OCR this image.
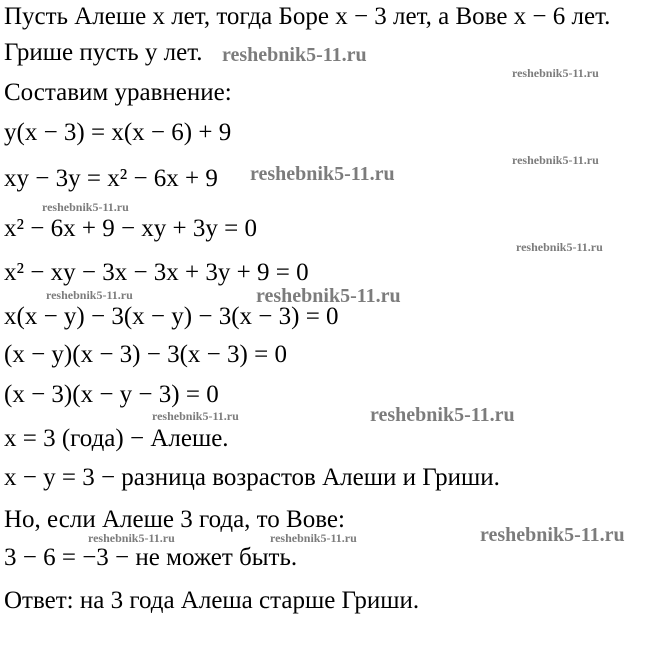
Пусть Алеше x лет, тогда Боре x − 3 лет, а Вове x − 6 лет.
Грише пусть y лет.
Составим уравнение:
y(x − 3) = x(x − 6) + 9
xy − 3y = x² − 6x + 9
x² − 6x + 9 − xy + 3y = 0
x² − xy − 3x − 3x + 3y + 9 = 0
x(x − y) − 3(x − y) − 3(x − 3) = 0
(x − y)(x − 3) − 3(x − 3) = 0
(x − 3)(x − y − 3) = 0
x = 3 (года) − Алеше.
x − y = 3 − разница возрастов Алеши и Гриши.
Но, если Алеше 3 года, то Вове:
3 − 6 = −3 − не может быть.
Ответ: на 3 года Алеша старше Гриши.
reshebnik5-11.ru
reshebnik5-11.ru
reshebnik5-11.ru
reshebnik5-11.ru
reshebnik5-11.ru
reshebnik5-11.ru
reshebnik5-11.ru	reshebnik5-11.ru
reshebnik5-11.ru	reshebnik5-11.ru
reshebnik5-11.ru	reshebnik5-11.ru	reshebnik5-11.ru
